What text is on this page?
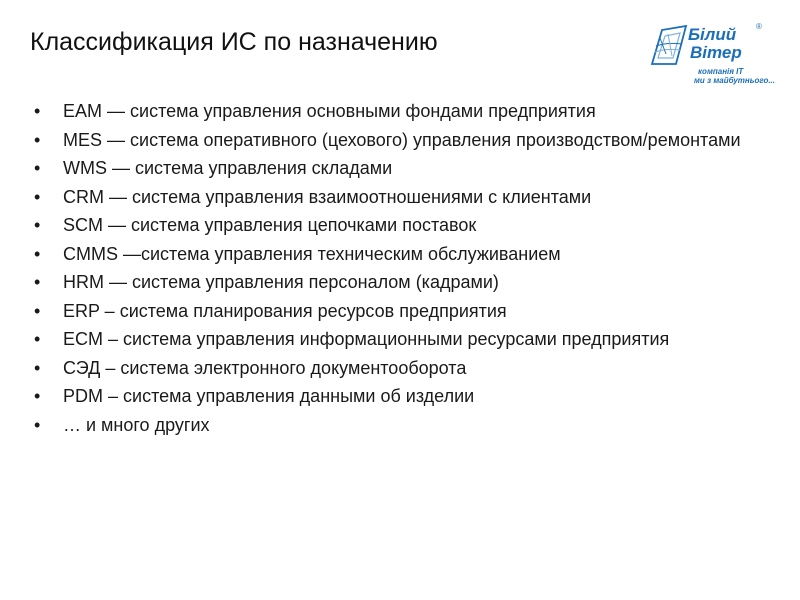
Классификация ИС по назначению	Білий
Вітер
®
компанія IT
ми з майбутнього...
• EAM — система управления основными фондами предприятия
• MES — система оперативного (цехового) управления производством/ремонтами
• WMS — система управления складами
• CRM — система управления взаимоотношениями с клиентами
• SCM — система управления цепочками поставок
• CMMS —система управления техническим обслуживанием
• HRM — система управления персоналом (кадрами)
• ERP – система планирования ресурсов предприятия
• ECM – система управления информационными ресурсами предприятия
• СЭД – система электронного документооборота
• PDM – система управления данными об изделии
• … и много других
